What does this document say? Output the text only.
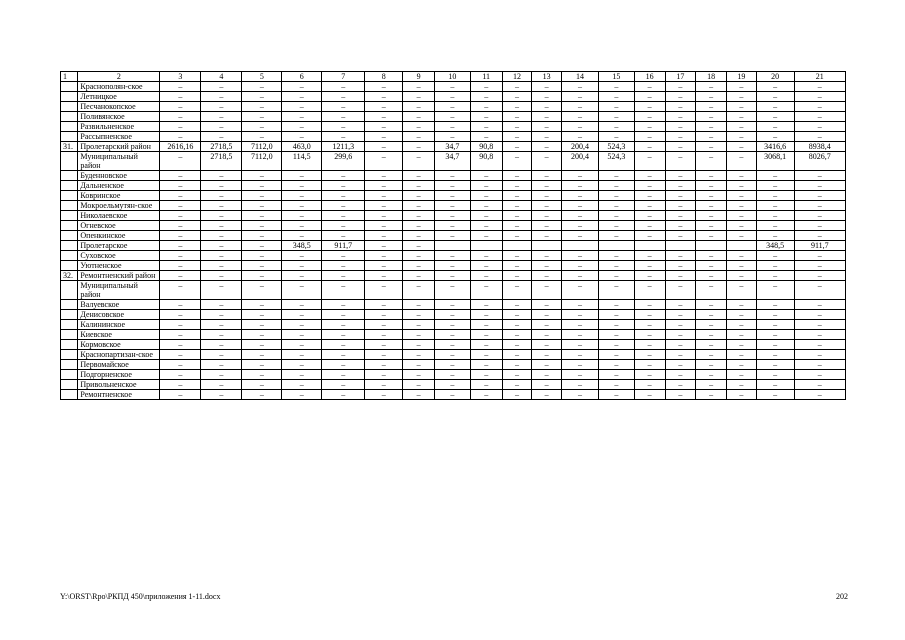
1	2	3	4	5	6	7	8	9	10	11	12	13	14	15	16	17	18	19	20	21
	Краснополян-ское	–	–	–	–	–	–	–	–	–	–	–	–	–	–	–	–	–	–	–
	Летницкое	–	–	–	–	–	–	–	–	–	–	–	–	–	–	–	–	–	–	–
	Песчанокопское	–	–	–	–	–	–	–	–	–	–	–	–	–	–	–	–	–	–	–
	Поливянское	–	–	–	–	–	–	–	–	–	–	–	–	–	–	–	–	–	–	–
	Развильненское	–	–	–	–	–	–	–	–	–	–	–	–	–	–	–	–	–	–	–
	Рассыпненское	–	–	–	–	–	–	–	–	–	–	–	–	–	–	–	–	–	–	–
31.	Пролетарский район	2616,16	2718,5	7112,0	463,0	1211,3	–	–	34,7	90,8	–	–	200,4	524,3	–	–	–	–	3416,6	8938,4
	Муниципальный район	–	2718,5	7112,0	114,5	299,6	–	–	34,7	90,8	–	–	200,4	524,3	–	–	–	–	3068,1	8026,7
	Буденновское	–	–	–	–	–	–	–	–	–	–	–	–	–	–	–	–	–	–	–
	Дальненское	–	–	–	–	–	–	–	–	–	–	–	–	–	–	–	–	–	–	–
	Ковринское	–	–	–	–	–	–	–	–	–	–	–	–	–	–	–	–	–	–	–
	Мокроельмутян-ское	–	–	–	–	–	–	–	–	–	–	–	–	–	–	–	–	–	–	–
	Николаевское	–	–	–	–	–	–	–	–	–	–	–	–	–	–	–	–	–	–	–
	Огневское	–	–	–	–	–	–	–	–	–	–	–	–	–	–	–	–	–	–	–
	Опенкинское	–	–	–	–	–	–	–	–	–	–	–	–	–	–	–	–	–	–	–
	Пролетарское	–	–	–	348,5	911,7	–	–											348,5	911,7
	Суховское	–	–	–	–	–	–	–	–	–	–	–	–	–	–	–	–	–	–	–
	Уютненское	–	–	–	–	–	–	–	–	–	–	–	–	–	–	–	–	–	–	–
32.	Ремонтненский район	–	–	–	–	–	–	–	–	–	–	–	–	–	–	–	–	–	–	–
	Муниципальный район	–	–	–	–	–	–	–	–	–	–	–	–	–	–	–	–	–	–	–
	Валуевское	–	–	–	–	–	–	–	–	–	–	–	–	–	–	–	–	–	–	–
	Денисовское	–	–	–	–	–	–	–	–	–	–	–	–	–	–	–	–	–	–	–
	Калининское	–	–	–	–	–	–	–	–	–	–	–	–	–	–	–	–	–	–	–
	Киевское	–	–	–	–	–	–	–	–	–	–	–	–	–	–	–	–	–	–	–
	Кормовское	–	–	–	–	–	–	–	–	–	–	–	–	–	–	–	–	–	–	–
	Краснопартизан-ское	–	–	–	–	–	–	–	–	–	–	–	–	–	–	–	–	–	–	–
	Первомайское	–	–	–	–	–	–	–	–	–	–	–	–	–	–	–	–	–	–	–
	Подгорненское	–	–	–	–	–	–	–	–	–	–	–	–	–	–	–	–	–	–	–
	Привольненское	–	–	–	–	–	–	–	–	–	–	–	–	–	–	–	–	–	–	–
	Ремонтненское	–	–	–	–	–	–	–	–	–	–	–	–	–	–	–	–	–	–	–
Y:\ORST\Rpo\РКПД 450\приложения 1-11.docx	202
